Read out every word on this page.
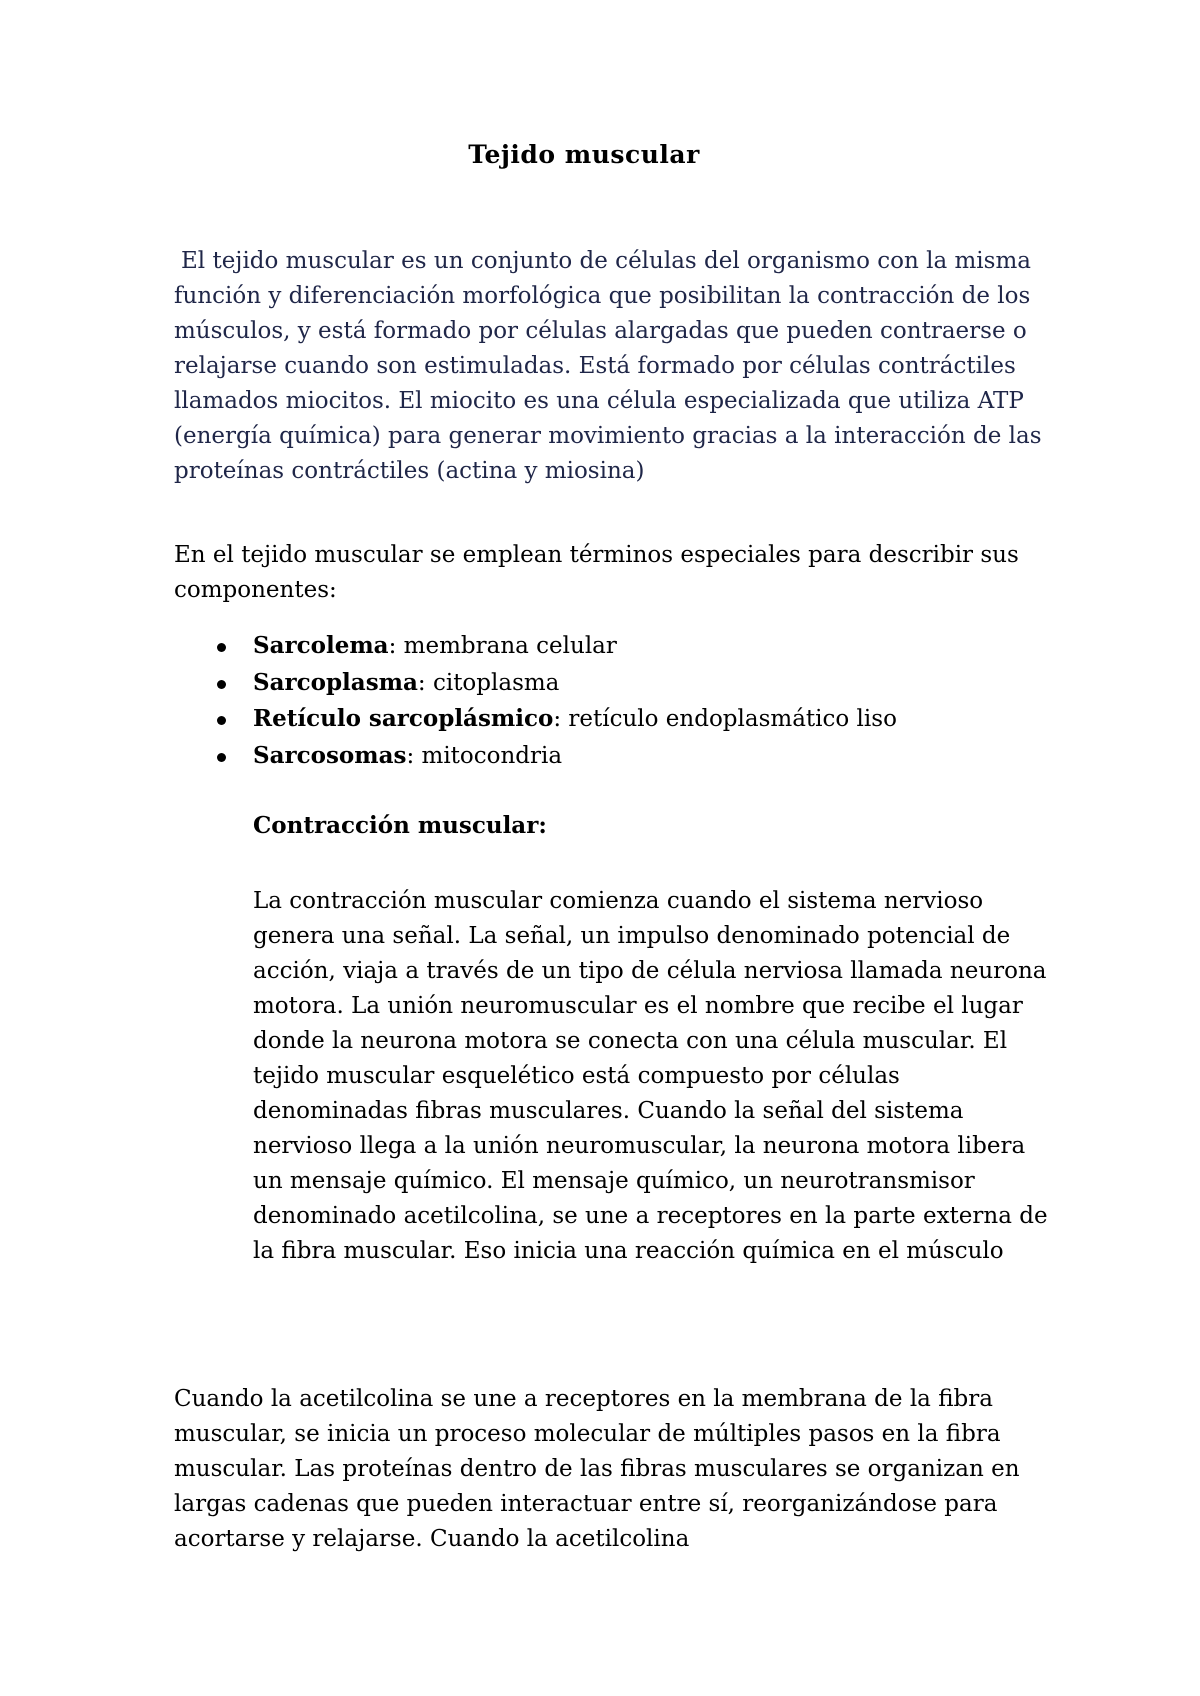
Tejido muscular

El tejido muscular es un conjunto de células del organismo con la misma función y diferenciación morfológica que posibilitan la contracción de los músculos, y está formado por células alargadas que pueden contraerse o relajarse cuando son estimuladas. Está formado por células contráctiles llamados miocitos. El miocito es una célula especializada que utiliza ATP (energía química) para generar movimiento gracias a la interacción de las proteínas contráctiles (actina y miosina)

En el tejido muscular se emplean términos especiales para describir sus componentes:

Sarcolema: membrana celular
Sarcoplasma: citoplasma
Retículo sarcoplásmico: retículo endoplasmático liso
Sarcosomas: mitocondria
Contracción muscular:

La contracción muscular comienza cuando el sistema nervioso genera una señal. La señal, un impulso denominado potencial de acción, viaja a través de un tipo de célula nerviosa llamada neurona motora. La unión neuromuscular es el nombre que recibe el lugar donde la neurona motora se conecta con una célula muscular. El tejido muscular esquelético está compuesto por células denominadas fibras musculares. Cuando la señal del sistema nervioso llega a la unión neuromuscular, la neurona motora libera un mensaje químico. El mensaje químico, un neurotransmisor denominado acetilcolina, se une a receptores en la parte externa de la fibra muscular. Eso inicia una reacción química en el músculo

Cuando la acetilcolina se une a receptores en la membrana de la fibra muscular, se inicia un proceso molecular de múltiples pasos en la fibra muscular. Las proteínas dentro de las fibras musculares se organizan en largas cadenas que pueden interactuar entre sí, reorganizándose para acortarse y relajarse. Cuando la acetilcolina
